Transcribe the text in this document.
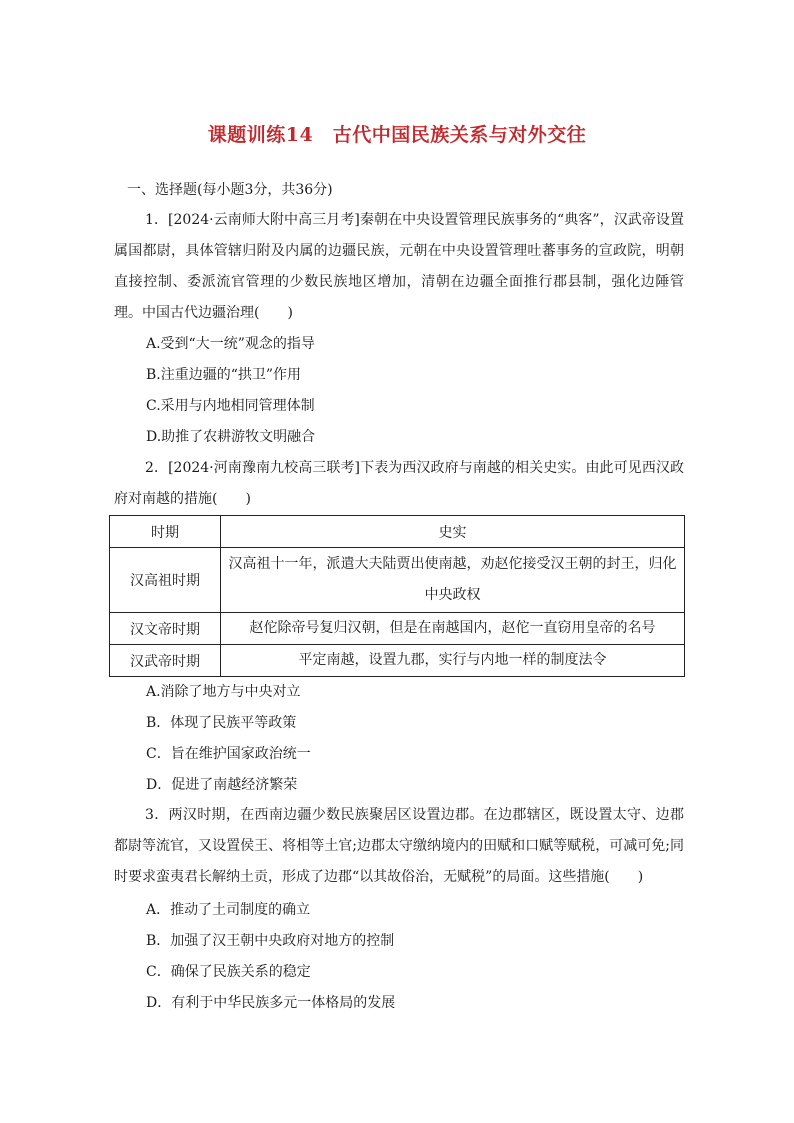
课题训练14　古代中国民族关系与对外交往
一、选择题(每小题3分，共36分)
1．[2024·云南师大附中高三月考]秦朝在中央设置管理民族事务的“典客”，汉武帝设置属国都尉，具体管辖归附及内属的边疆民族，元朝在中央设置管理吐蕃事务的宣政院，明朝直接控制、委派流官管理的少数民族地区增加，清朝在边疆全面推行郡县制，强化边陲管理。中国古代边疆治理(　　)
A.受到“大一统”观念的指导
B.注重边疆的“拱卫”作用
C.采用与内地相同管理体制
D.助推了农耕游牧文明融合
2．[2024·河南豫南九校高三联考]下表为西汉政府与南越的相关史实。由此可见西汉政府对南越的措施(　　)
时期	史实
汉高祖时期	汉高祖十一年，派遣大夫陆贾出使南越，劝赵佗接受汉王朝的封王，归化中央政权
汉文帝时期	赵佗除帝号复归汉朝，但是在南越国内，赵佗一直窃用皇帝的名号
汉武帝时期	平定南越，设置九郡，实行与内地一样的制度法令
A.消除了地方与中央对立
B．体现了民族平等政策
C．旨在维护国家政治统一
D．促进了南越经济繁荣
3．两汉时期，在西南边疆少数民族聚居区设置边郡。在边郡辖区，既设置太守、边郡都尉等流官，又设置侯王、将相等土官;边郡太守缴纳境内的田赋和口赋等赋税，可减可免;同时要求蛮夷君长解纳土贡，形成了边郡“以其故俗治，无赋税”的局面。这些措施(　　)
A．推动了土司制度的确立
B．加强了汉王朝中央政府对地方的控制
C．确保了民族关系的稳定
D．有利于中华民族多元一体格局的发展
